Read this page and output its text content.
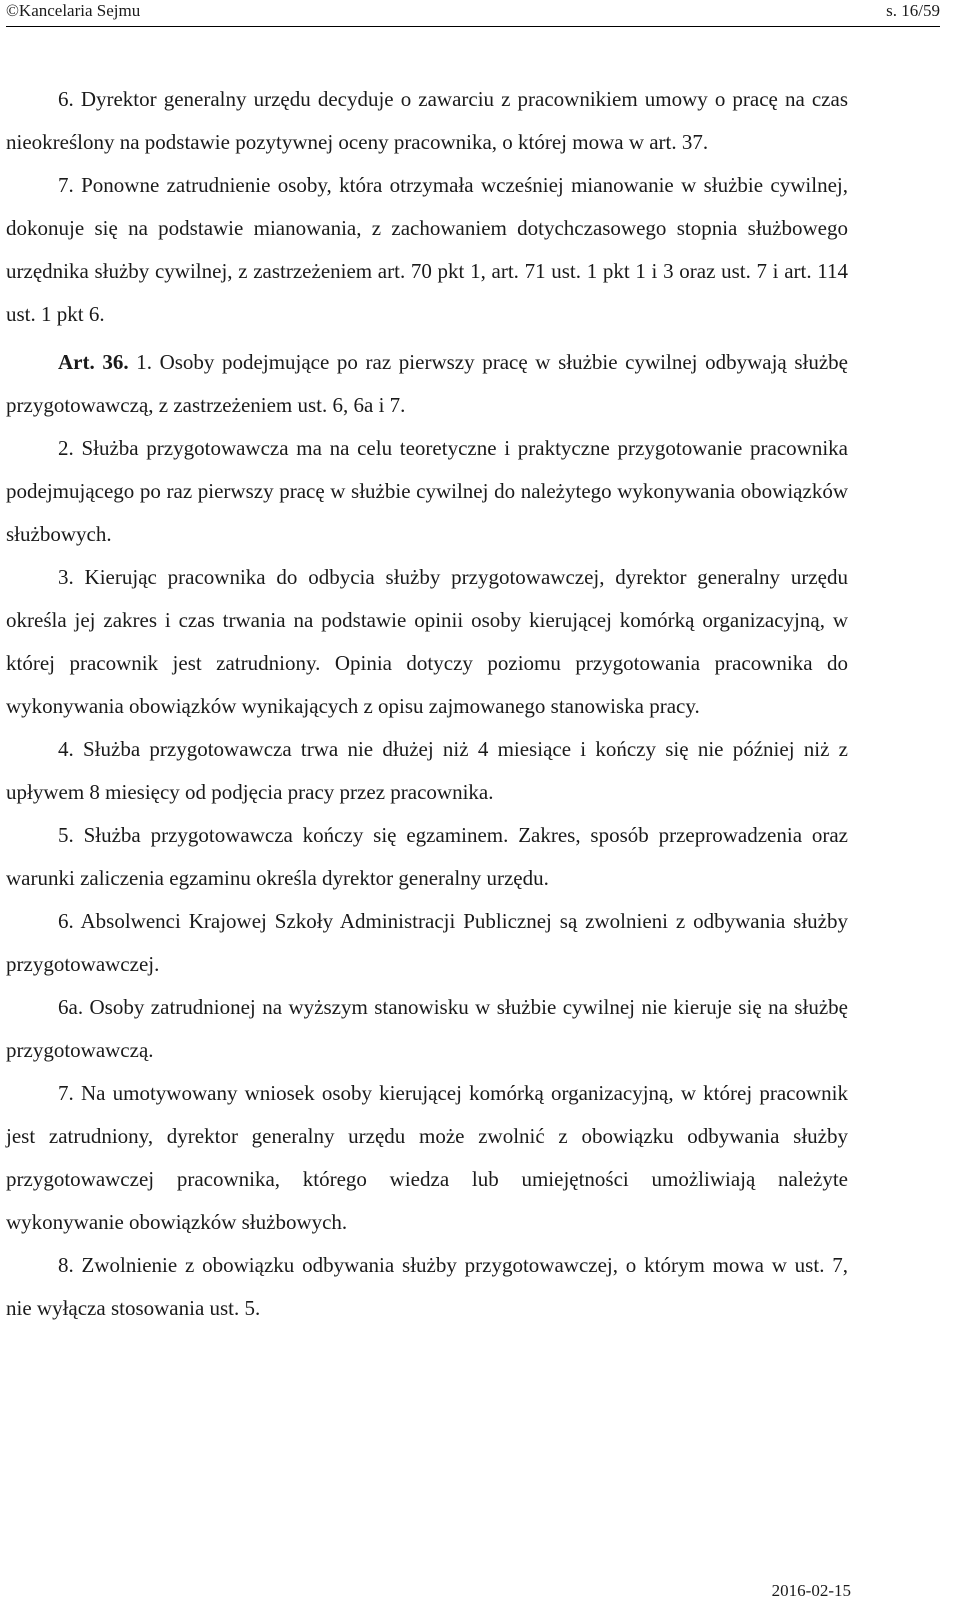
©Kancelaria Sejmu	s. 16/59

6. Dyrektor generalny urzędu decyduje o zawarciu z pracownikiem umowy o pracę na czas nieokreślony na podstawie pozytywnej oceny pracownika, o której mowa w art. 37.

7. Ponowne zatrudnienie osoby, która otrzymała wcześniej mianowanie w służbie cywilnej, dokonuje się na podstawie mianowania, z zachowaniem dotychczasowego stopnia służbowego urzędnika służby cywilnej, z zastrzeżeniem art. 70 pkt 1, art. 71 ust. 1 pkt 1 i 3 oraz ust. 7 i art. 114 ust. 1 pkt 6.

Art. 36. 1. Osoby podejmujące po raz pierwszy pracę w służbie cywilnej odbywają służbę przygotowawczą, z zastrzeżeniem ust. 6, 6a i 7.

2. Służba przygotowawcza ma na celu teoretyczne i praktyczne przygotowanie pracownika podejmującego po raz pierwszy pracę w służbie cywilnej do należytego wykonywania obowiązków służbowych.

3. Kierując pracownika do odbycia służby przygotowawczej, dyrektor generalny urzędu określa jej zakres i czas trwania na podstawie opinii osoby kierującej komórką organizacyjną, w której pracownik jest zatrudniony. Opinia dotyczy poziomu przygotowania pracownika do wykonywania obowiązków wynikających z opisu zajmowanego stanowiska pracy.

4. Służba przygotowawcza trwa nie dłużej niż 4 miesiące i kończy się nie później niż z upływem 8 miesięcy od podjęcia pracy przez pracownika.

5. Służba przygotowawcza kończy się egzaminem. Zakres, sposób przeprowadzenia oraz warunki zaliczenia egzaminu określa dyrektor generalny urzędu.

6. Absolwenci Krajowej Szkoły Administracji Publicznej są zwolnieni z odbywania służby przygotowawczej.

6a. Osoby zatrudnionej na wyższym stanowisku w służbie cywilnej nie kieruje się na służbę przygotowawczą.

7. Na umotywowany wniosek osoby kierującej komórką organizacyjną, w której pracownik jest zatrudniony, dyrektor generalny urzędu może zwolnić z obowiązku odbywania służby przygotowawczej pracownika, którego wiedza lub umiejętności umożliwiają należyte wykonywanie obowiązków służbowych.

8. Zwolnienie z obowiązku odbywania służby przygotowawczej, o którym mowa w ust. 7, nie wyłącza stosowania ust. 5.

2016-02-15
